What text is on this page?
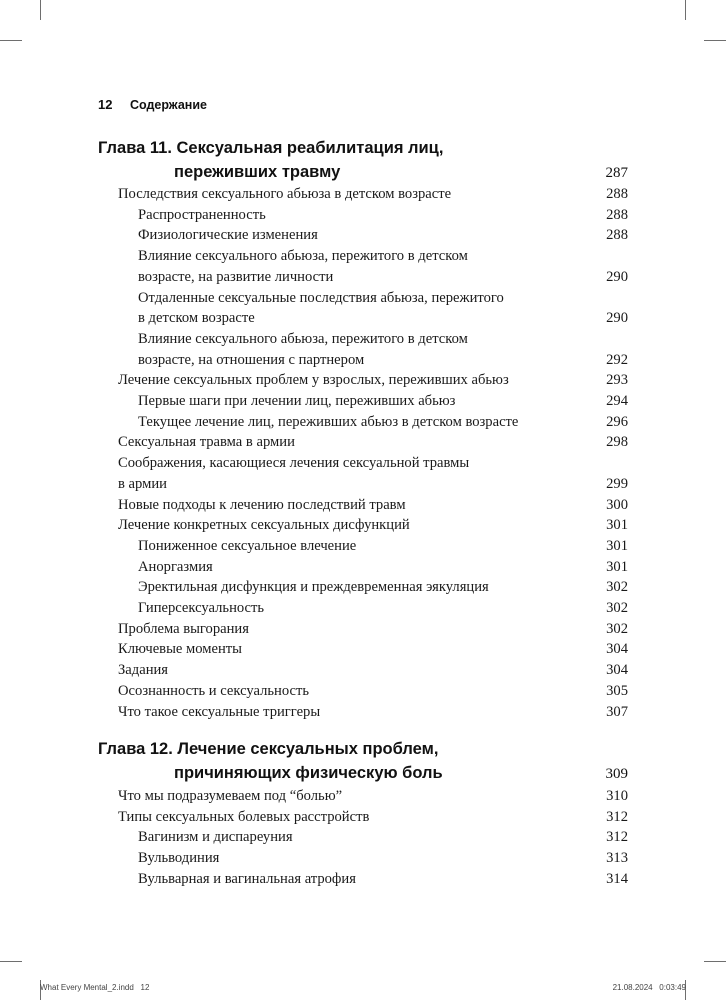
12 Содержание
Глава 11. Сексуальная реабилитация лиц,
переживших травму	287
Последствия сексуального абьюза в детском возрасте	288
Распространенность	288
Физиологические изменения	288
Влияние сексуального абьюза, пережитого в детском
возрасте, на развитие личности	290
Отдаленные сексуальные последствия абьюза, пережитого
в детском возрасте	290
Влияние сексуального абьюза, пережитого в детском
возрасте, на отношения с партнером	292
Лечение сексуальных проблем у взрослых, переживших абьюз	293
Первые шаги при лечении лиц, переживших абьюз	294
Текущее лечение лиц, переживших абьюз в детском возрасте	296
Сексуальная травма в армии	298
Соображения, касающиеся лечения сексуальной травмы
в армии	299
Новые подходы к лечению последствий травм	300
Лечение конкретных сексуальных дисфункций	301
Пониженное сексуальное влечение	301
Аноргазмия	301
Эректильная дисфункция и преждевременная эякуляция	302
Гиперсексуальность	302
Проблема выгорания	302
Ключевые моменты	304
Задания	304
Осознанность и сексуальность	305
Что такое сексуальные триггеры	307
Глава 12. Лечение сексуальных проблем,
причиняющих физическую боль	309
Что мы подразумеваем под “болью”	310
Типы сексуальных болевых расстройств	312
Вагинизм и диспареуния	312
Вульводиния	313
Вульварная и вагинальная атрофия	314
What Every Mental_2.indd   12	21.08.2024   0:03:49
